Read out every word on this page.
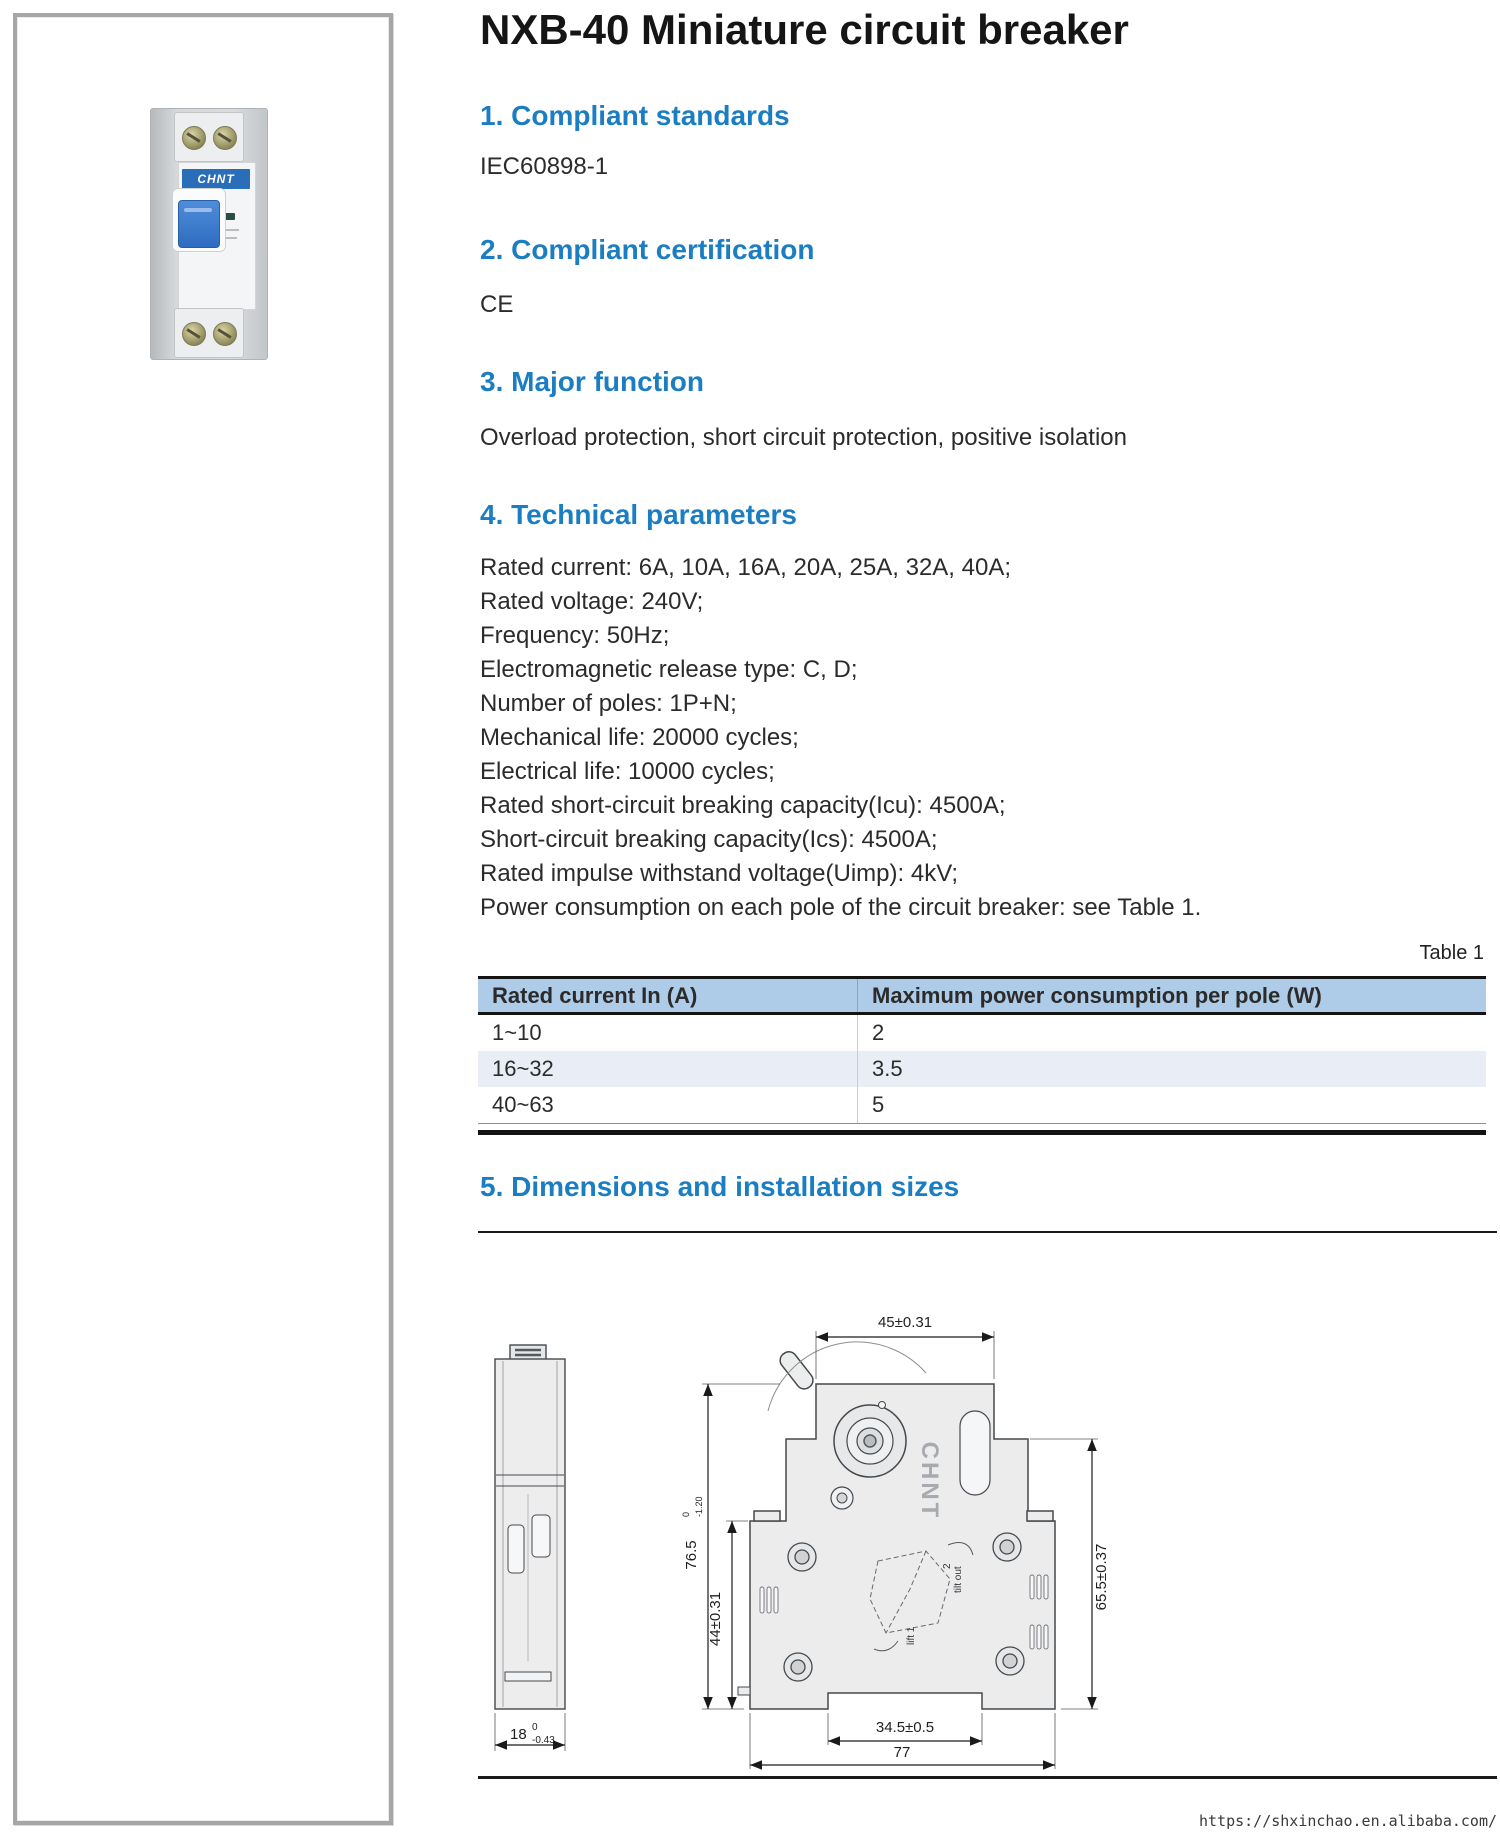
CHNT
NXB-40 Miniature circuit breaker
1. Compliant standards
IEC60898-1
2. Compliant certification
CE
3. Major function
Overload protection, short circuit protection, positive isolation
4. Technical parameters

Rated current: 6A, 10A, 16A, 20A, 25A, 32A, 40A;

Rated voltage: 240V;

Frequency: 50Hz;

Electromagnetic release type: C, D;

Number of poles: 1P+N;

Mechanical life: 20000 cycles;

Electrical life: 10000 cycles;

Rated short-circuit breaking capacity(Icu): 4500A;

Short-circuit breaking capacity(Ics): 4500A;

Rated impulse withstand voltage(Uimp): 4kV;

Power consumption on each pole of the circuit breaker: see Table 1.

Table 1
Rated current In (A)	Maximum power consumption per pole (W)
1~10	2
16~32	3.5
40~63	5
5. Dimensions and installation sizes
CHNT
tilt out
2
lift 1
45±0.31
76.5
0 -1.20
44±0.31
65.5±0.37
34.5±0.5
77
18 0
-0.43
https://shxinchao.en.alibaba.com/
